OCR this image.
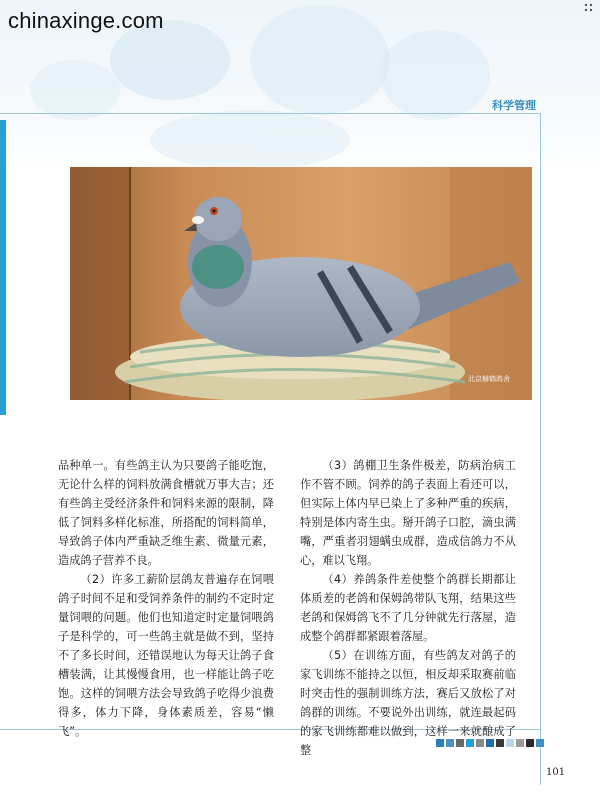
chinaxinge.com
科学管理
北京赫鹤鸽舍

品种单一。有些鸽主认为只要鸽子能吃饱，无论什么样的饲料放满食槽就万事大吉；还有些鸽主受经济条件和饲料来源的限制，降低了饲料多样化标准，所搭配的饲料简单，导致鸽子体内严重缺乏维生素、微量元素，造成鸽子营养不良。

（2）许多工薪阶层鸽友普遍存在饲喂鸽子时间不足和受饲养条件的制约不定时定量饲喂的问题。他们也知道定时定量饲喂鸽子是科学的，可一些鸽主就是做不到，坚持不了多长时间，还错误地认为每天让鸽子食槽装满，让其慢慢食用，也一样能让鸽子吃饱。这样的饲喂方法会导致鸽子吃得少浪费得多，体力下降，身体素质差，容易“懒飞”。

（3）鸽棚卫生条件极差，防病治病工作不管不顾。饲养的鸽子表面上看还可以，但实际上体内早已染上了多种严重的疾病，特别是体内寄生虫。掰开鸽子口腔，滴虫满嘴，严重者羽翅螨虫成群，造成信鸽力不从心，难以飞翔。

（4）养鸽条件差使整个鸽群长期都让体质差的老鸽和保姆鸽带队飞翔，结果这些老鸽和保姆鸽飞不了几分钟就先行落屋，造成整个鸽群都紧跟着落屋。

（5）在训练方面，有些鸽友对鸽子的家飞训练不能持之以恒，相反却采取赛前临时突击性的强制训练方法，赛后又放松了对鸽群的训练。不要说外出训练，就连最起码的家飞训练都难以做到，这样一来就酿成了整

101
